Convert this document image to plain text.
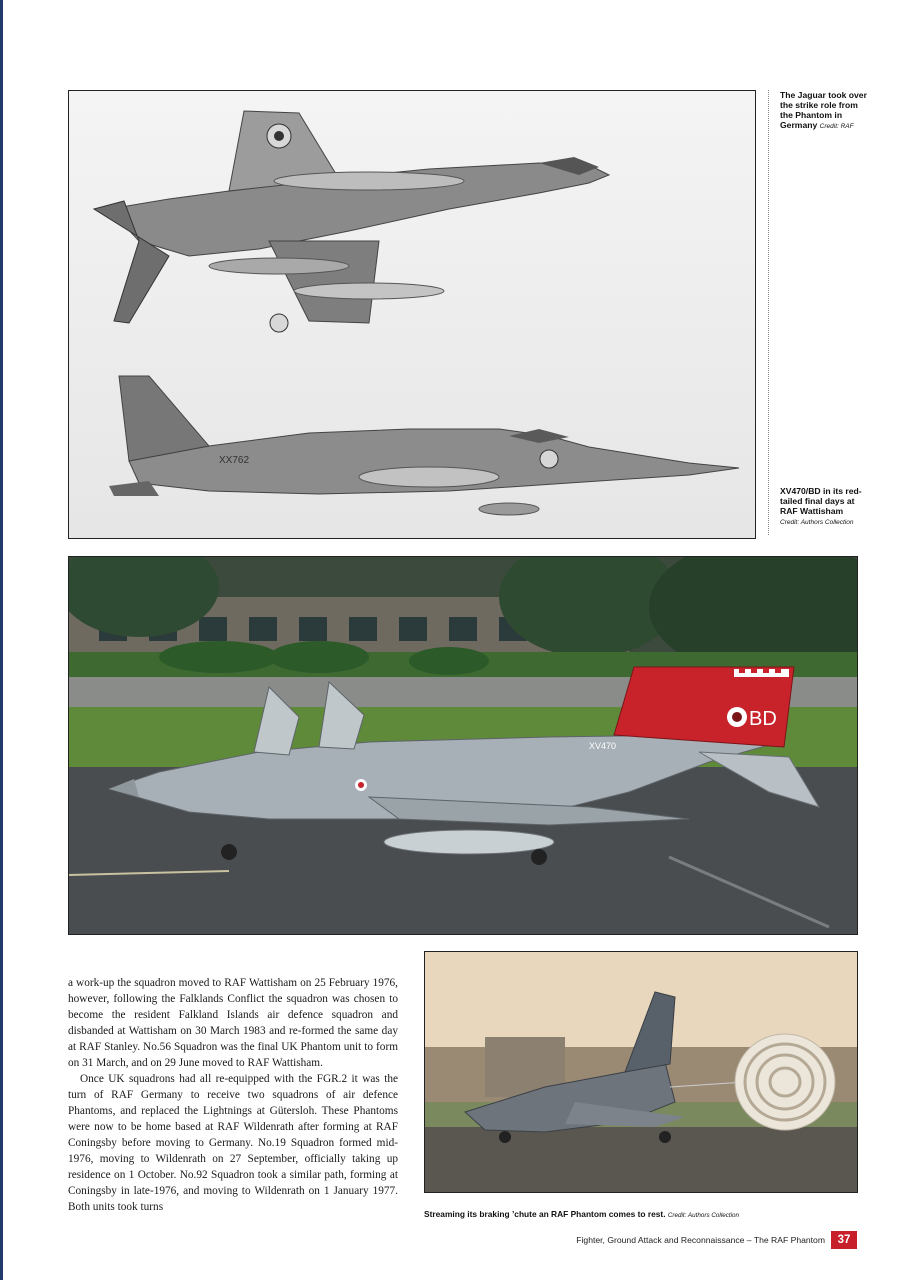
XX762
The Jaguar took over the strike role from the Phantom in Germany Credit: RAF
XV470/BD in its red-tailed final days at RAF Wattisham
Credit: Authors Collection
BD
XV470

a work-up the squadron moved to RAF Wattisham on 25 February 1976, however, following the Falklands Conflict the squadron was chosen to become the resident Falkland Islands air defence squadron and disbanded at Wattisham on 30 March 1983 and re-formed the same day at RAF Stanley. No.56 Squadron was the final UK Phantom unit to form on 31 March, and on 29 June moved to RAF Wattisham.

Once UK squadrons had all re-equipped with the FGR.2 it was the turn of RAF Germany to receive two squadrons of air defence Phantoms, and replaced the Lightnings at Gütersloh. These Phantoms were now to be home based at RAF Wildenrath after forming at RAF Coningsby before moving to Germany. No.19 Squadron formed mid-1976, moving to Wildenrath on 27 September, officially taking up residence on 1 October. No.92 Squadron took a similar path, forming at Coningsby in late-1976, and moving to Wildenrath on 1 January 1977. Both units took turns

Streaming its braking ’chute an RAF Phantom comes to rest. Credit: Authors Collection
Fighter, Ground Attack and Reconnaissance – The RAF Phantom	37
